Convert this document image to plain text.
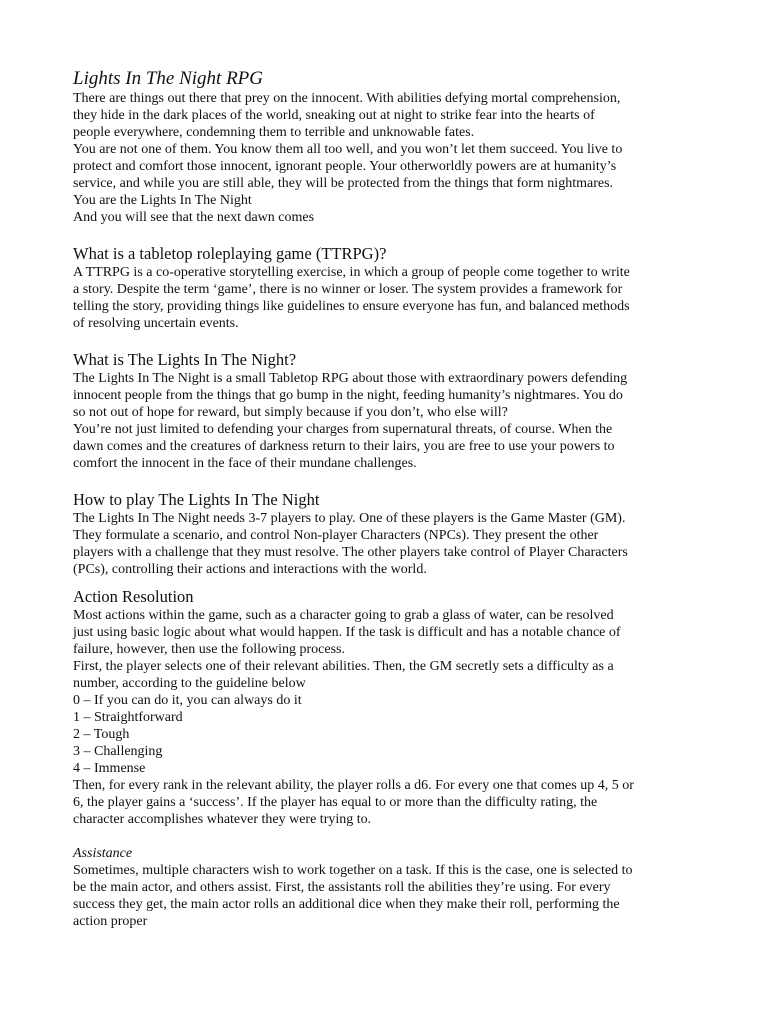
Lights In The Night RPG

There are things out there that prey on the innocent. With abilities defying mortal comprehension,

they hide in the dark places of the world, sneaking out at night to strike fear into the hearts of

people everywhere, condemning them to terrible and unknowable fates.

You are not one of them. You know them all too well, and you won’t let them succeed. You live to

protect and comfort those innocent, ignorant people. Your otherworldly powers are at humanity’s

service, and while you are still able, they will be protected from the things that form nightmares.

You are the Lights In The Night

And you will see that the next dawn comes

What is a tabletop roleplaying game (TTRPG)?

A TTRPG is a co-operative storytelling exercise, in which a group of people come together to write

a story. Despite the term ‘game’, there is no winner or loser. The system provides a framework for

telling the story, providing things like guidelines to ensure everyone has fun, and balanced methods

of resolving uncertain events.

What is The Lights In The Night?

The Lights In The Night is a small Tabletop RPG about those with extraordinary powers defending

innocent people from the things that go bump in the night, feeding humanity’s nightmares. You do

so not out of hope for reward, but simply because if you don’t, who else will?

You’re not just limited to defending your charges from supernatural threats, of course. When the

dawn comes and the creatures of darkness return to their lairs, you are free to use your powers to

comfort the innocent in the face of their mundane challenges.

How to play The Lights In The Night

The Lights In The Night needs 3-7 players to play. One of these players is the Game Master (GM).

They formulate a scenario, and control Non-player Characters (NPCs). They present the other

players with a challenge that they must resolve. The other players take control of Player Characters

(PCs), controlling their actions and interactions with the world.

Action Resolution

Most actions within the game, such as a character going to grab a glass of water, can be resolved

just using basic logic about what would happen. If the task is difficult and has a notable chance of

failure, however, then use the following process.

First, the player selects one of their relevant abilities. Then, the GM secretly sets a difficulty as a

number, according to the guideline below

0 – If you can do it, you can always do it

1 – Straightforward

2 – Tough

3 – Challenging

4 – Immense

Then, for every rank in the relevant ability, the player rolls a d6. For every one that comes up 4, 5 or

6, the player gains a ‘success’. If the player has equal to or more than the difficulty rating, the

character accomplishes whatever they were trying to.

Assistance

Sometimes, multiple characters wish to work together on a task. If this is the case, one is selected to

be the main actor, and others assist. First, the assistants roll the abilities they’re using. For every

success they get, the main actor rolls an additional dice when they make their roll, performing the

action proper
